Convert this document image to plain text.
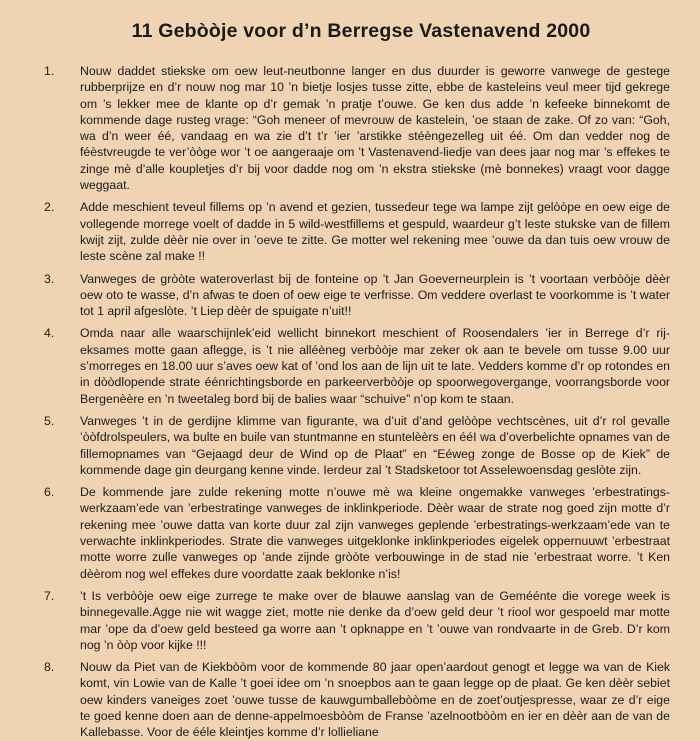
11 Gebòòje voor d’n Berregse Vastenavend 2000
1.	Nouw daddet stiekske om oew leut-neutbonne langer en dus duurder is geworre vanwege de gestege rubberprijze en d’r nouw nog mar 10 ’n bietje losjes tusse zitte, ebbe de kasteleins veul meer tijd gekrege om ’s lekker mee de klante op d’r gemak ’n pratje t’ouwe. Ge ken dus adde ’n kefeeke binnekomt de kommende dage rusteg vrage: “Goh meneer of mevrouw de kastelein, ’oe staan de zake. Of zo van: “Goh, wa d’n weer éé, vandaag en wa zie d’t t’r ’ier ’arstikke stéèngezelleg uit éé. Om dan vedder nog de féèstvreugde te ver’òòge wor ’t oe aangeraaje om ’t Vastenavend-liedje van dees jaar nog mar ’s effekes te zinge mè d’alle koupletjes d’r bij voor dadde nog om ’n ekstra stiekske (mè bonnekes) vraagt voor dagge weggaat.
2.	Adde meschient teveul fillems op ’n avend et gezien, tussedeur tege wa lampe zijt gelòòpe en oew eige de vollegende morrege voelt of dadde in 5 wild-westfillems et gespuld, waardeur g’t leste stukske van de fillem kwijt zijt, zulde dèèr nie over in ’oeve te zitte. Ge motter wel rekening mee ’ouwe da dan tuis oew vrouw de leste scène zal make !!
3.	Vanweges de gròòte wateroverlast bij de fonteine op ’t Jan Goeverneurplein is ’t voortaan verbòòje dèèr oew oto te wasse, d’n afwas te doen of oew eige te verfrisse. Om veddere overlast te voorkomme is ’t water tot 1 april afgeslòte. ’t Liep dèèr de spuigate n’uit!!
4.	Omda naar alle waarschijnlek’eid wellicht binnekort meschient of Roosendalers ’ier in Berrege d’r rij-eksames motte gaan aflegge, is ’t nie alléèneg verbòòje mar zeker ok aan te bevele om tusse 9.00 uur s’morreges en 18.00 uur s’aves oew kat of ’ond los aan de lijn uit te late. Vedders komme d’r op rotondes en in dòòdlopende strate éénrichtingsborde en parkeerverbòòje op spoorwegovergange, voorrangsborde voor Bergenèère en ’n tweetaleg bord bij de balies waar “schuive” n’op kom te staan.
5.	Vanweges ’t in de gerdijne klimme van figurante, wa d’uit d’and gelòòpe vechtscènes, uit d’r rol gevalle ’òòfdrolspeulers, wa bulte en buile van stuntmanne en stuntelèèrs en ééI wa d’overbelichte opnames van de fillemopnames van “Gejaagd deur de Wind op de Plaat” en “Eéweg zonge de Bosse op de Kiek” de kommende dage gin deurgang kenne vinde. Ierdeur zal ’t Stadsketoor tot Asselewoensdag geslòte zijn.
6.	De kommende jare zulde rekening motte n’ouwe mè wa kleine ongemakke vanweges ’erbestratings-werkzaam’ede van ’erbestratinge vanweges de inklinkperiode. Dèèr waar de strate nog goed zijn motte d’r rekening mee ’ouwe datta van korte duur zal zijn vanweges geplende ’erbestratings-werkzaam’ede van te verwachte inklinkperiodes. Strate die vanweges uitgeklonke inklinkperiodes eigelek oppernuuwt ’erbestraat motte worre zulle vanweges op ’ande zijnde gròòte verbouwinge in de stad nie ’erbestraat worre. ’t Ken dèèrom nog wel effekes dure voordatte zaak beklonke n’is!
7.	’t Is verbòòje oew eige zurrege te make over de blauwe aanslag van de Geméénte die vorege week is binnegevalle.Agge nie wit wagge ziet, motte nie denke da d’oew geld deur ’t riool wor gespoeld mar motte mar ’ope da d’oew geld besteed ga worre aan ’t opknappe en ’t ’ouwe van rondvaarte in de Greb. D’r kom nog ’n òòp voor kijke !!!
8.	Nouw da Piet van de Kiekbòòm voor de kommende 80 jaar open’aardout genogt et legge wa van de Kiek komt, vin Lowie van de Kalle ’t goei idee om ’n snoepbos aan te gaan legge op de plaat. Ge ken dèèr sebiet oew kinders vaneiges zoet ’ouwe tusse de kauwgumballebòòme en de zoet’outjespresse, waar ze d’r eige te goed kenne doen aan de denne-appelmoesbòòm de Franse ’azelnootbòòm en ier en dèèr aan de van de Kallebasse. Voor de ééle kleintjes komme d’r lollieliane
